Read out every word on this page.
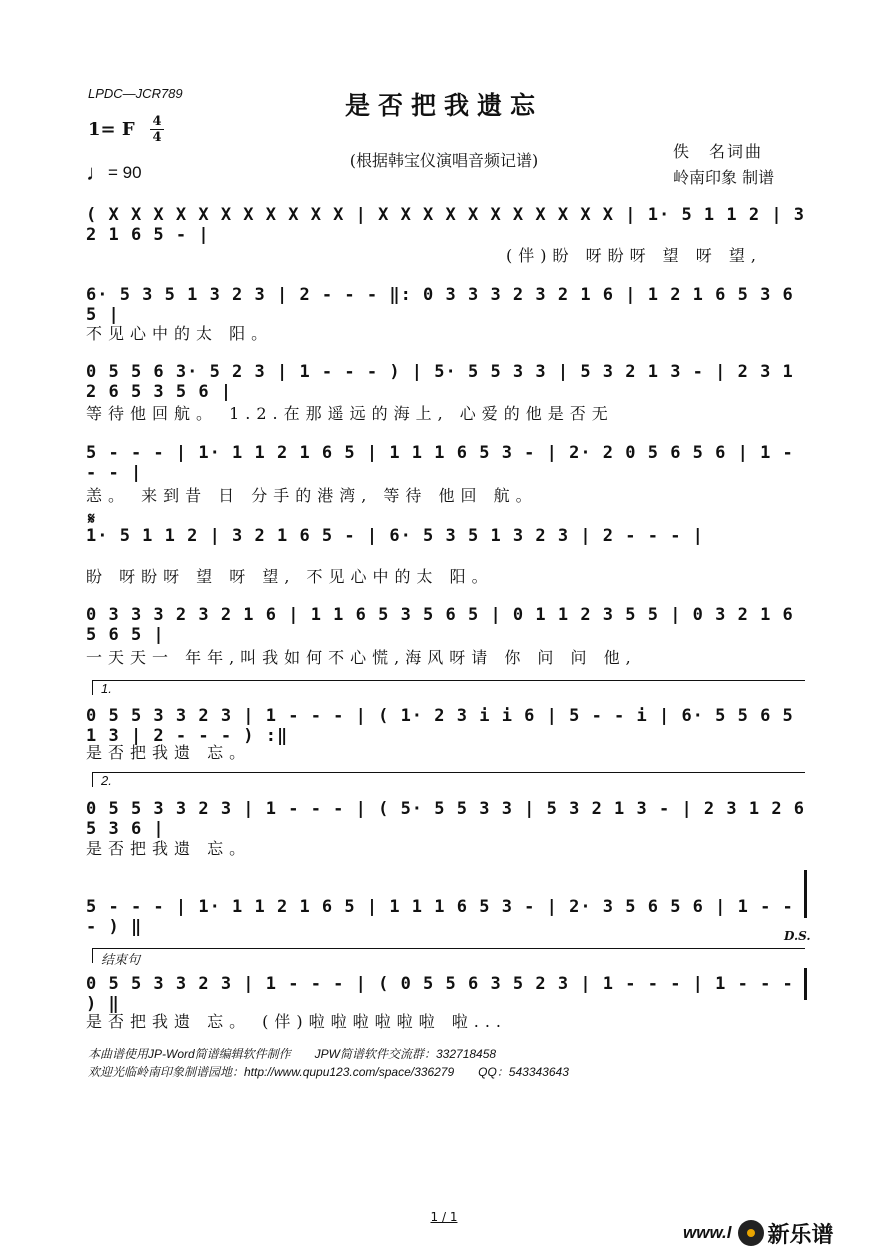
LPDC—JCR789	是否把我遗忘
1= F 4
4
♩= 90
(根据韩宝仪演唱音频记谱)	佚　名词曲
岭南印象 制谱
( X X X X X X X X X X X | X X X X X X X X X X X | 1· 5 1 1 2 | 3 2 1 6 5 - |
(伴)盼 呀盼呀 望 呀 望,
6· 5 3 5 1 3 2 3 | 2 - - - ‖: 0 3 3 3 2 3 2 1 6 | 1 2 1 6 5 3 6 5 |
不见心中的太 阳。
0 5 5 6 3· 5 2 3 | 1 - - - ) | 5· 5 5 3 3 | 5 3 2 1 3 - | 2 3 1 2 6 5 3 5 6 |
等待他回航。 1.2.在那遥远的海上, 心爱的他是否无
5 - - - | 1· 1 1 2 1 6 5 | 1 1 1 6 5 3 - | 2· 2 0 5 6 5 6 | 1 - - - |
恙。 来到昔 日 分手的港湾, 等待 他回 航。
𝄋
1· 5 1 1 2 | 3 2 1 6 5 - | 6· 5 3 5 1 3 2 3 | 2 - - - |
盼 呀盼呀 望 呀 望, 不见心中的太 阳。
0 3 3 3 2 3 2 1 6 | 1 1 6 5 3 5 6 5 | 0 1 1 2 3 5 5 | 0 3 2 1 6 5 6 5 |
一天天一 年年,叫我如何不心慌,海风呀请 你 问 问 他,
1.
0 5 5 3 3 2 3 | 1 - - - | ( 1· 2 3 i i 6 | 5 - - i | 6· 5 5 6 5 1 3 | 2 - - - ) :‖
是否把我遗 忘。
2.
0 5 5 3 3 2 3 | 1 - - - | ( 5· 5 5 3 3 | 5 3 2 1 3 - | 2 3 1 2 6 5 3 6 |
是否把我遗 忘。
5 - - - | 1· 1 1 2 1 6 5 | 1 1 1 6 5 3 - | 2· 3 5 6 5 6 | 1 - - - ) ‖	D.S.
结束句
0 5 5 3 3 2 3 | 1 - - - | ( 0 5 5 6 3 5 2 3 | 1 - - - | 1 - - - ) ‖
是否把我遗 忘。 (伴)啦啦啦啦啦啦 啦...
本曲谱使用JP-Word简谱编辑软件制作　　JPW简谱软件交流群：332718458
欢迎光临岭南印象制谱园地：http://www.qupu123.com/space/336279　　QQ：543343643
1 / 1
www.l 新乐谱
